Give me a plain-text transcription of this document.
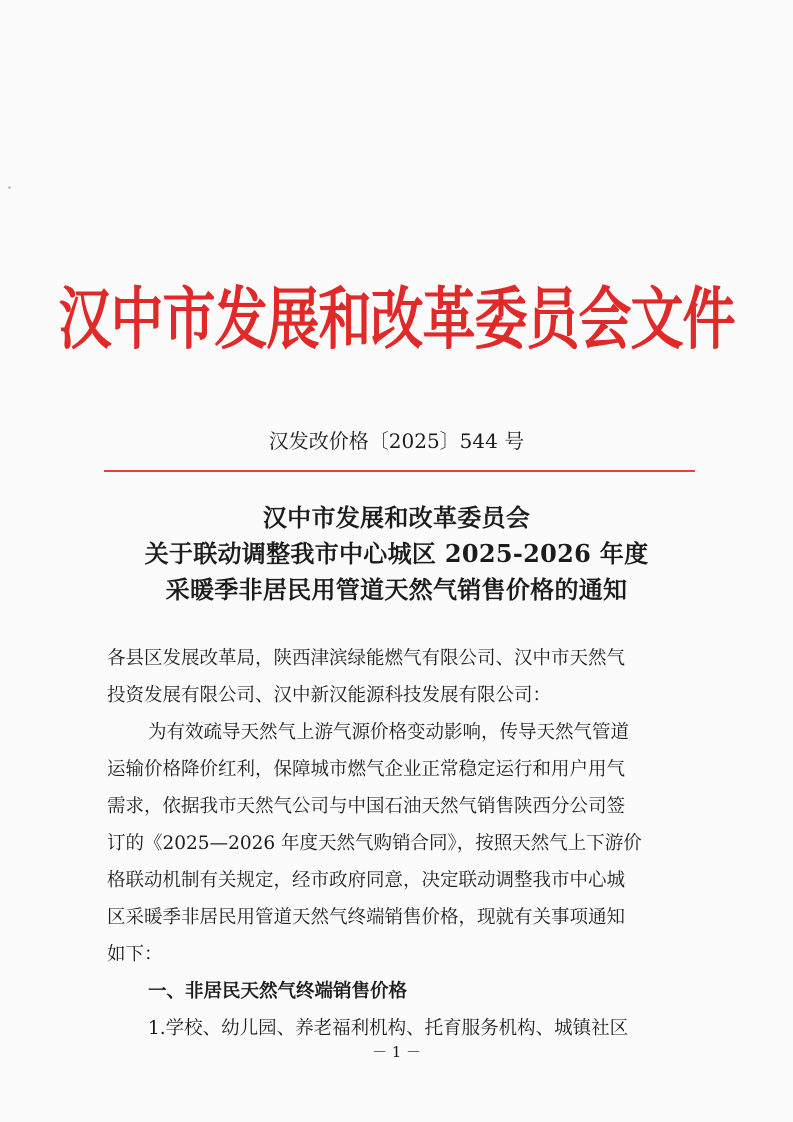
汉中市发展和改革委员会文件
汉发改价格〔2025〕544 号
汉中市发展和改革委员会
关于联动调整我市中心城区 2025-2026 年度
采暖季非居民用管道天然气销售价格的通知

各县区发展改革局，陕西津滨绿能燃气有限公司、汉中市天然气
投资发展有限公司、汉中新汉能源科技发展有限公司：

为有效疏导天然气上游气源价格变动影响，传导天然气管道
运输价格降价红利，保障城市燃气企业正常稳定运行和用户用气
需求，依据我市天然气公司与中国石油天然气销售陕西分公司签
订的《2025—2026 年度天然气购销合同》，按照天然气上下游价
格联动机制有关规定，经市政府同意，决定联动调整我市中心城
区采暖季非居民用管道天然气终端销售价格，现就有关事项通知
如下：

一、非居民天然气终端销售价格

1.学校、幼儿园、养老福利机构、托育服务机构、城镇社区

－ 1 －
